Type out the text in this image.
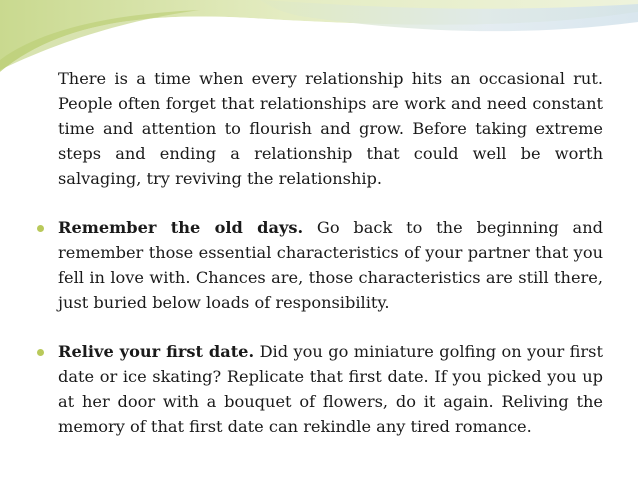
There is a time when every relationship hits an occasional rut. People often forget that relationships are work and need constant time and attention to flourish and grow. Before taking extreme steps and ending a relationship that could well be worth salvaging, try reviving the relationship.

Remember the old days. Go back to the beginning and remember those essential characteristics of your partner that you fell in love with. Chances are, those characteristics are still there, just buried below loads of responsibility.

Relive your first date. Did you go miniature golfing on your first date or ice skating? Replicate that first date. If you picked you up at her door with a bouquet of flowers, do it again. Reliving the memory of that first date can rekindle any tired romance.
